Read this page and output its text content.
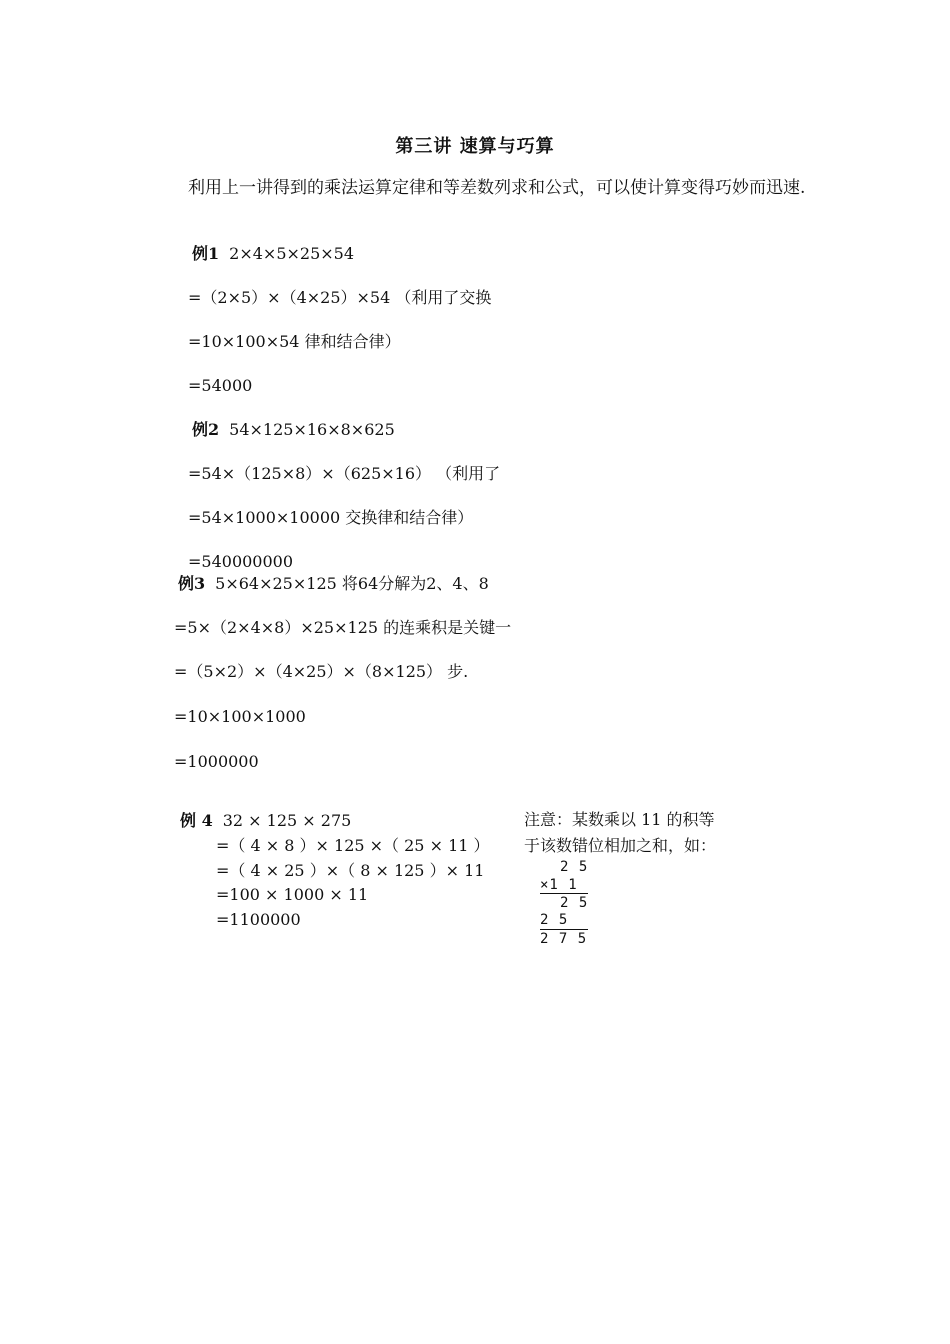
第三讲 速算与巧算
利用上一讲得到的乘法运算定律和等差数列求和公式，可以使计算变得巧妙而迅速.
例1 2×4×5×25×54
=（2×5）×（4×25）×54 （利用了交换
=10×100×54 律和结合律）
=54000
例2 54×125×16×8×625
=54×（125×8）×（625×16） （利用了
=54×1000×10000 交换律和结合律）
=540000000
例3 5×64×25×125 将64分解为2、4、8
=5×（2×4×8）×25×125 的连乘积是关键一
=（5×2）×（4×25）×（8×125） 步.
=10×100×1000
=1000000
例 4 32 × 125 × 275
=（ 4 × 8 ）× 125 ×（ 25 × 11 ）
=（ 4 × 25 ）×（ 8 × 125 ）× 11
=100 × 1000 × 11
=1100000
注意：某数乘以 11 的积等
于该数错位相加之和，如：
2 5
×1 1
2 5
2 5
2 7 5
